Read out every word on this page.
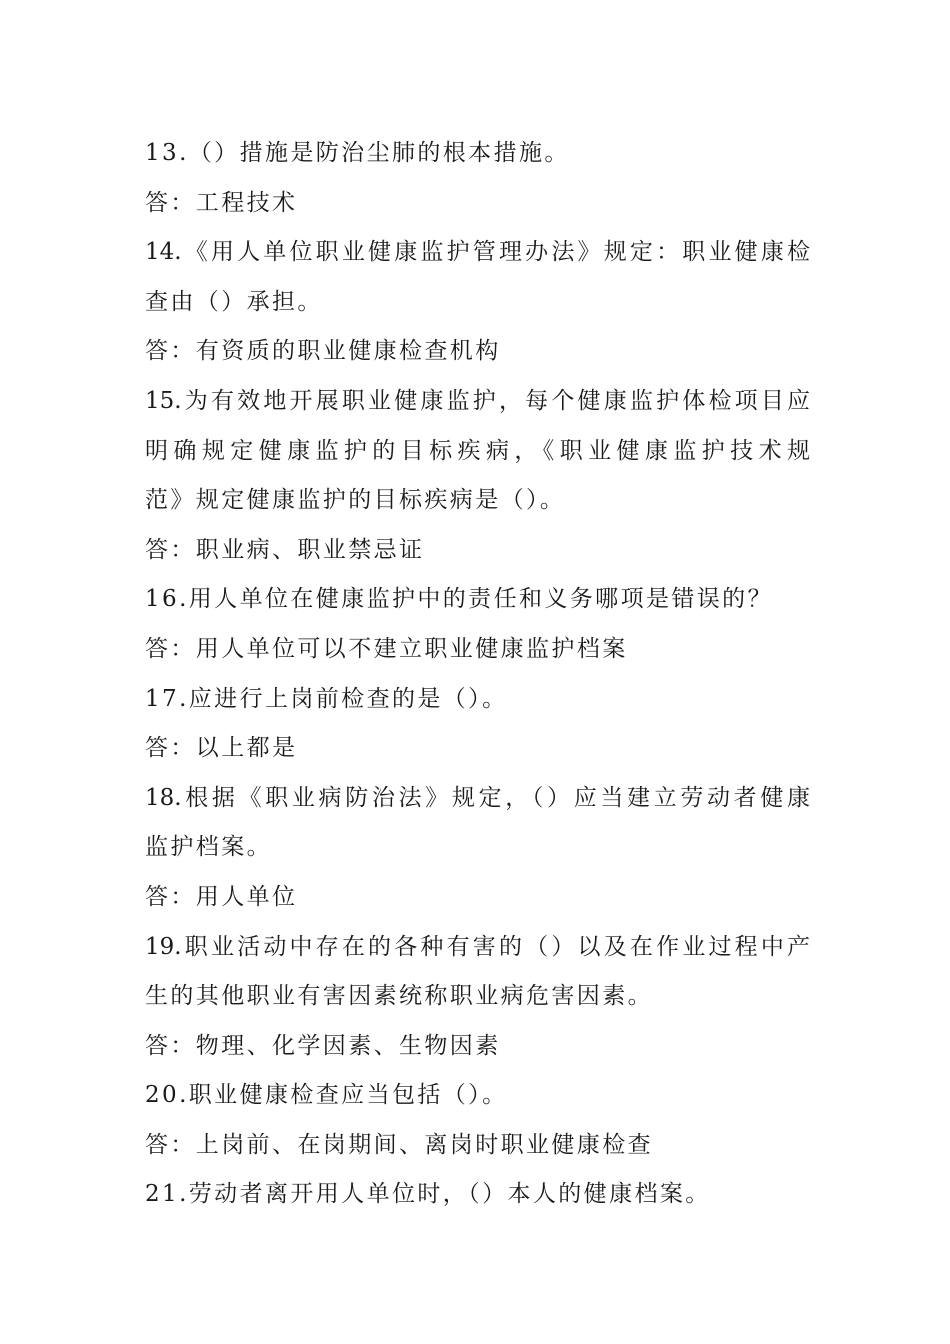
13.（）措施是防治尘肺的根本措施。
答：工程技术
14.《用人单位职业健康监护管理办法》规定：职业健康检
查由（）承担。
答：有资质的职业健康检查机构
15.为有效地开展职业健康监护，每个健康监护体检项目应
明确规定健康监护的目标疾病，《职业健康监护技术规
范》规定健康监护的目标疾病是（）。
答：职业病、职业禁忌证
16.用人单位在健康监护中的责任和义务哪项是错误的？
答：用人单位可以不建立职业健康监护档案
17.应进行上岗前检查的是（）。
答：以上都是
18.根据《职业病防治法》规定，（）应当建立劳动者健康
监护档案。
答：用人单位
19.职业活动中存在的各种有害的（）以及在作业过程中产
生的其他职业有害因素统称职业病危害因素。
答：物理、化学因素、生物因素
20.职业健康检查应当包括（）。
答：上岗前、在岗期间、离岗时职业健康检查
21.劳动者离开用人单位时，（）本人的健康档案。
